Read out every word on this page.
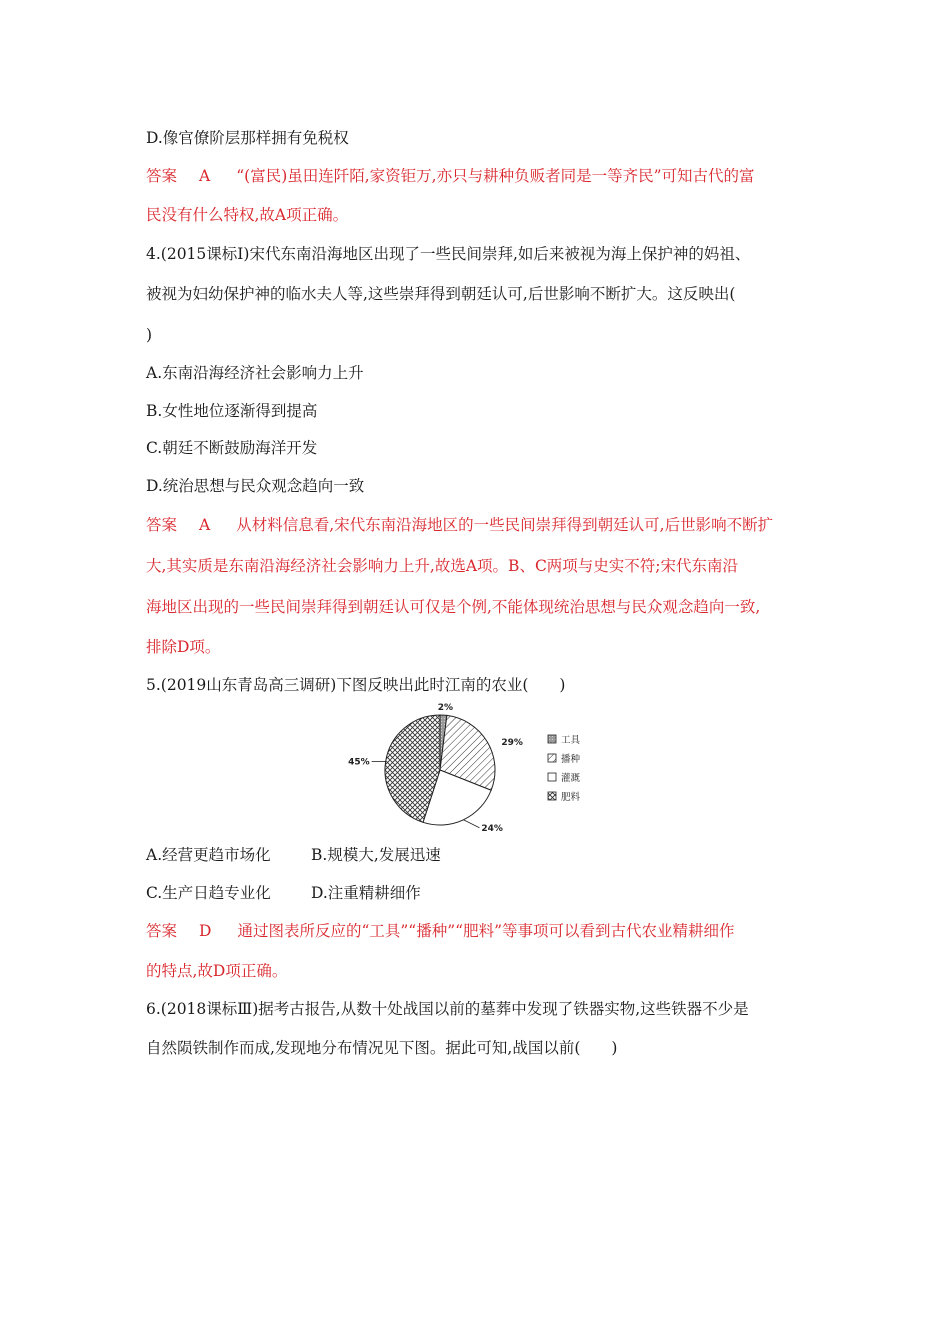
D.像官僚阶层那样拥有免税权
答案 A “(富民)虽田连阡陌,家资钜万,亦只与耕种负贩者同是一等齐民”可知古代的富
民没有什么特权,故A项正确。
4.(2015课标Ⅰ)宋代东南沿海地区出现了一些民间崇拜,如后来被视为海上保护神的妈祖、
被视为妇幼保护神的临水夫人等,这些崇拜得到朝廷认可,后世影响不断扩大。这反映出(
)
A.东南沿海经济社会影响力上升
B.女性地位逐渐得到提高
C.朝廷不断鼓励海洋开发
D.统治思想与民众观念趋向一致
答案 A 从材料信息看,宋代东南沿海地区的一些民间崇拜得到朝廷认可,后世影响不断扩
大,其实质是东南沿海经济社会影响力上升,故选A项。B、C两项与史实不符;宋代东南沿
海地区出现的一些民间崇拜得到朝廷认可仅是个例,不能体现统治思想与民众观念趋向一致,
排除D项。
5.(2019山东青岛高三调研)下图反映出此时江南的农业(　　)
2%
29%
24%
45%
工具
播种
灌溉
肥料
A.经营更趋市场化	B.规模大,发展迅速
C.生产日趋专业化	D.注重精耕细作
答案 D 通过图表所反应的“工具”“播种”“肥料”等事项可以看到古代农业精耕细作
的特点,故D项正确。
6.(2018课标Ⅲ)据考古报告,从数十处战国以前的墓葬中发现了铁器实物,这些铁器不少是
自然陨铁制作而成,发现地分布情况见下图。据此可知,战国以前(　　)
